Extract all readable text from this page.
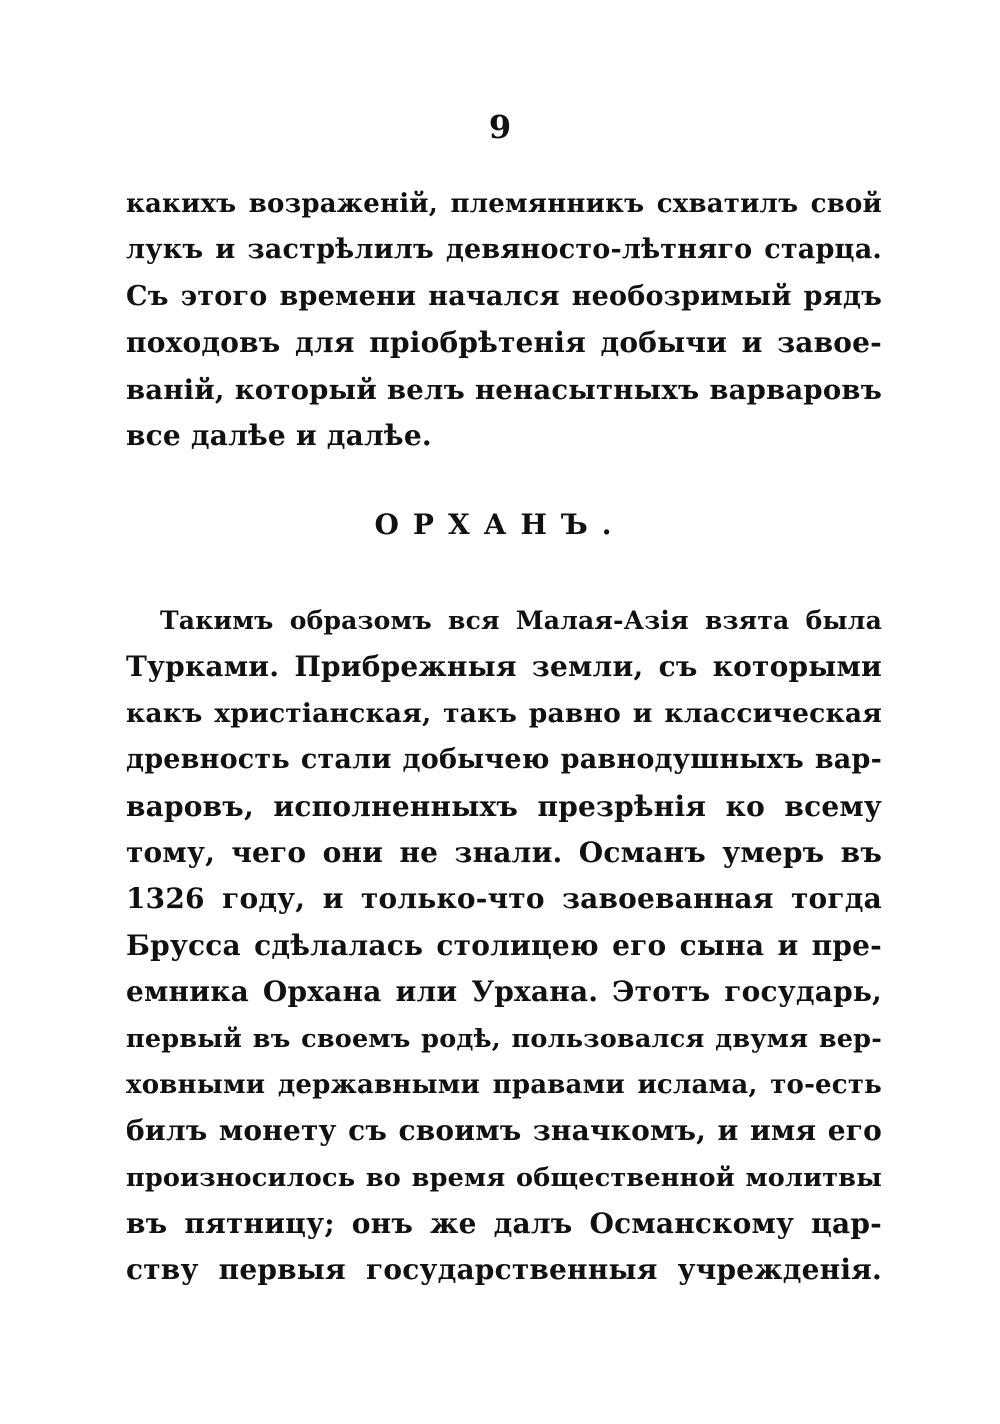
9
какихъ возраженій, племянникъ схватилъ свой
лукъ и застрѣлилъ девяносто-лѣтняго старца.
Съ этого времени начался необозримый рядъ
походовъ для пріобрѣтенія добычи и завое-
ваній, который велъ ненасытныхъ варваровъ
все далѣе и далѣе.
ОРХАНЪ.
Такимъ образомъ вся Малая-Азія взята была
Турками. Прибрежныя земли, съ которыми
какъ христіанская, такъ равно и классическая
древность стали добычею равнодушныхъ вар-
варовъ, исполненныхъ презрѣнія ко всему
тому, чего они не знали. Османъ умеръ въ
1326 году, и только-что завоеванная тогда
Бруссa сдѣлалась столицею его сына и пре-
емника Орхана или Урхана. Этотъ государь,
первый въ своемъ родѣ, пользовался двумя вер-
ховными державными правами ислама, то-есть
билъ монету съ своимъ значкомъ, и имя его
произносилось во время общественной молитвы
въ пятницу; онъ же далъ Османскому цар-
ству первыя государственныя учрежденія.
